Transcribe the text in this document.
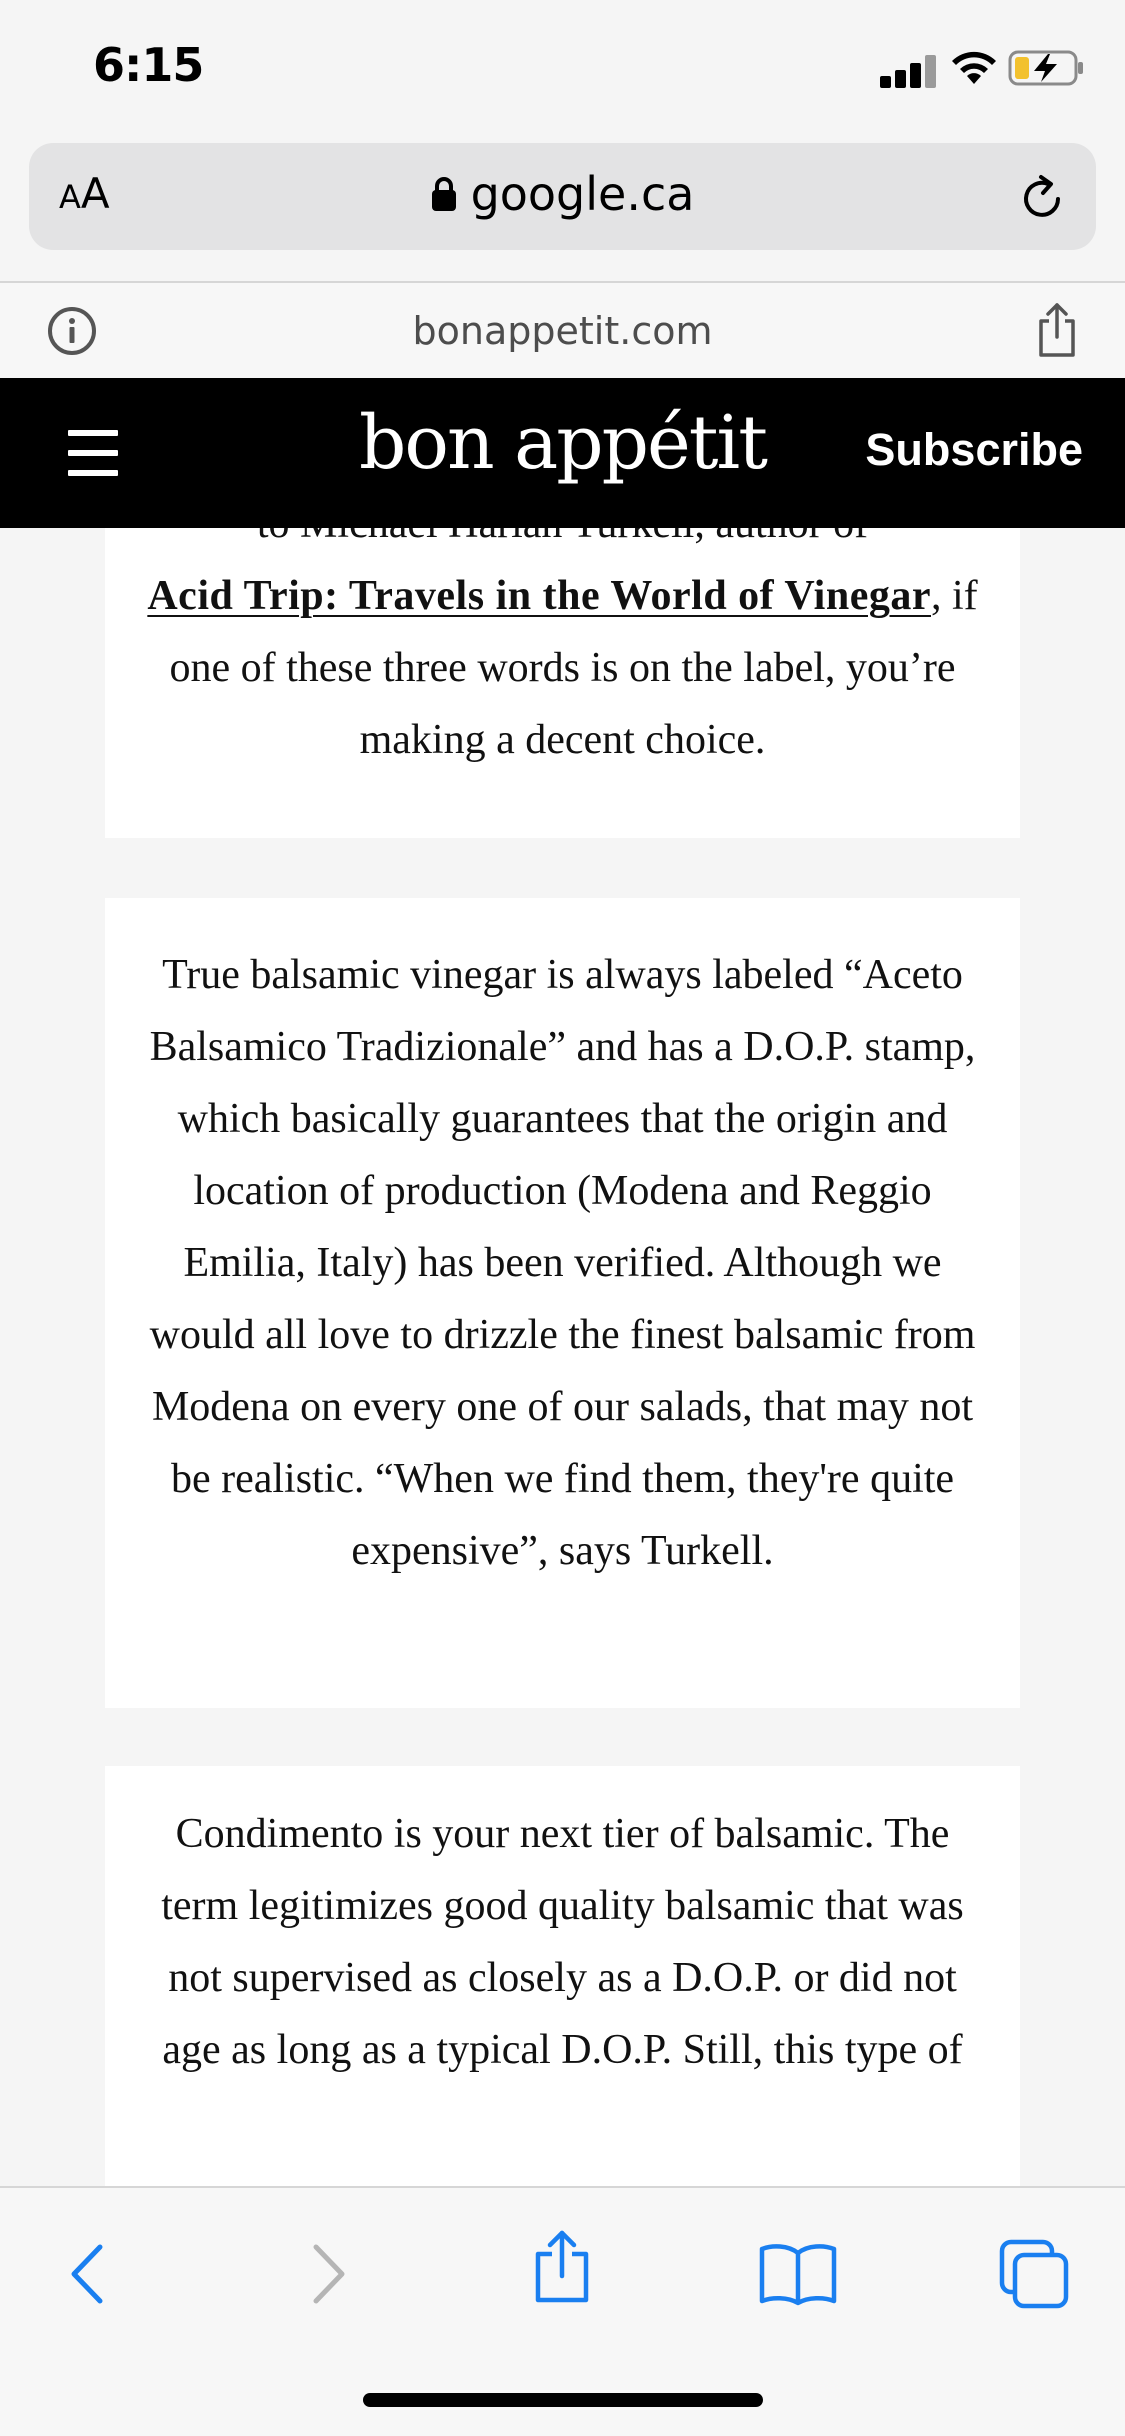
6:15
A A	google.ca
bonappetit.com
bon appétit	Subscribe

Acid Trip: Travels in the World of Vinegar, if one of these three words is on the label, you’re making a decent choice.

True balsamic vinegar is always labeled “Aceto Balsamico Tradizionale” and has a D.O.P. stamp, which basically guarantees that the origin and location of production (Modena and Reggio Emilia, Italy) has been verified. Although we would all love to drizzle the finest balsamic from Modena on every one of our salads, that may not be realistic. “When we find them, they're quite expensive”, says Turkell.

Condimento is your next tier of balsamic. The term legitimizes good quality balsamic that was not supervised as closely as a D.O.P. or did not age as long as a typical D.O.P. Still, this type of
